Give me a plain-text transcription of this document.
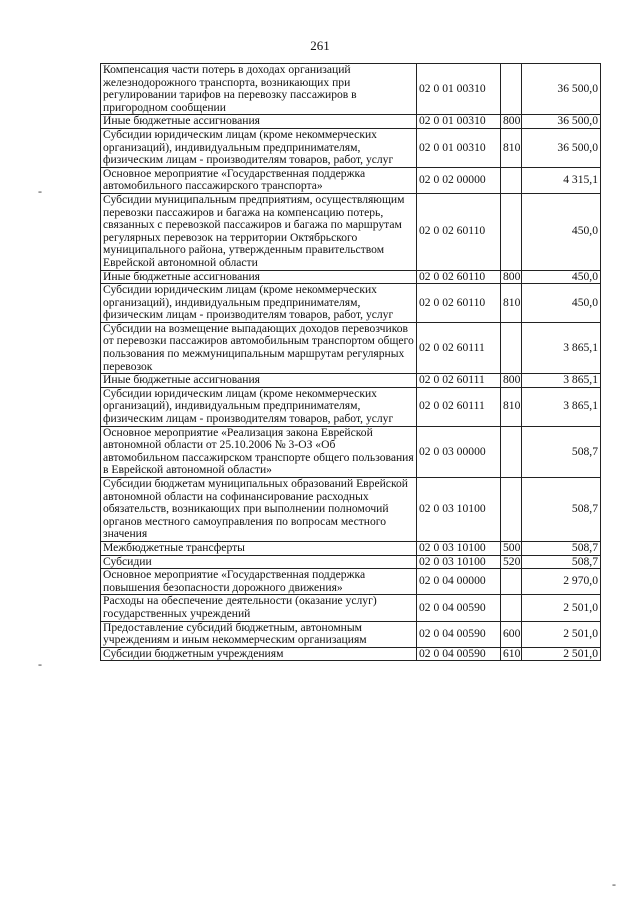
261
-
-
-
Компенсация части потерь в доходах организаций железнодорожного транспорта, возникающих при регулировании тарифов на перевозку пассажиров в пригородном сообщении	02 0 01 00310		36 500,0
Иные бюджетные ассигнования	02 0 01 00310	800	36 500,0
Субсидии юридическим лицам (кроме некоммерческих организаций), индивидуальным предпринимателям, физическим лицам - производителям товаров, работ, услуг	02 0 01 00310	810	36 500,0
Основное мероприятие «Государственная поддержка автомобильного пассажирского транспорта»	02 0 02 00000		4 315,1
Субсидии муниципальным предприятиям, осуществляющим перевозки пассажиров и багажа на компенсацию потерь, связанных с перевозкой пассажиров и багажа по маршрутам регулярных перевозок на территории Октябрьского муниципального района, утвержденным правительством Еврейской автономной области	02 0 02 60110		450,0
Иные бюджетные ассигнования	02 0 02 60110	800	450,0
Субсидии юридическим лицам (кроме некоммерческих организаций), индивидуальным предпринимателям, физическим лицам - производителям товаров, работ, услуг	02 0 02 60110	810	450,0
Субсидии на возмещение выпадающих доходов перевозчиков от перевозки пассажиров автомобильным транспортом общего пользования по межмуниципальным маршрутам регулярных перевозок	02 0 02 60111		3 865,1
Иные бюджетные ассигнования	02 0 02 60111	800	3 865,1
Субсидии юридическим лицам (кроме некоммерческих организаций), индивидуальным предпринимателям, физическим лицам - производителям товаров, работ, услуг	02 0 02 60111	810	3 865,1
Основное мероприятие «Реализация закона Еврейской автономной области от 25.10.2006 № 3-ОЗ «Об автомобильном пассажирском транспорте общего пользования в Еврейской автономной области»	02 0 03 00000		508,7
Субсидии бюджетам муниципальных образований Еврейской автономной области на софинансирование расходных обязательств, возникающих при выполнении полномочий органов местного самоуправления по вопросам местного значения	02 0 03 10100		508,7
Межбюджетные трансферты	02 0 03 10100	500	508,7
Субсидии	02 0 03 10100	520	508,7
Основное мероприятие «Государственная поддержка повышения безопасности дорожного движения»	02 0 04 00000		2 970,0
Расходы на обеспечение деятельности (оказание услуг) государственных учреждений	02 0 04 00590		2 501,0
Предоставление субсидий бюджетным, автономным учреждениям и иным некоммерческим организациям	02 0 04 00590	600	2 501,0
Субсидии бюджетным учреждениям	02 0 04 00590	610	2 501,0
